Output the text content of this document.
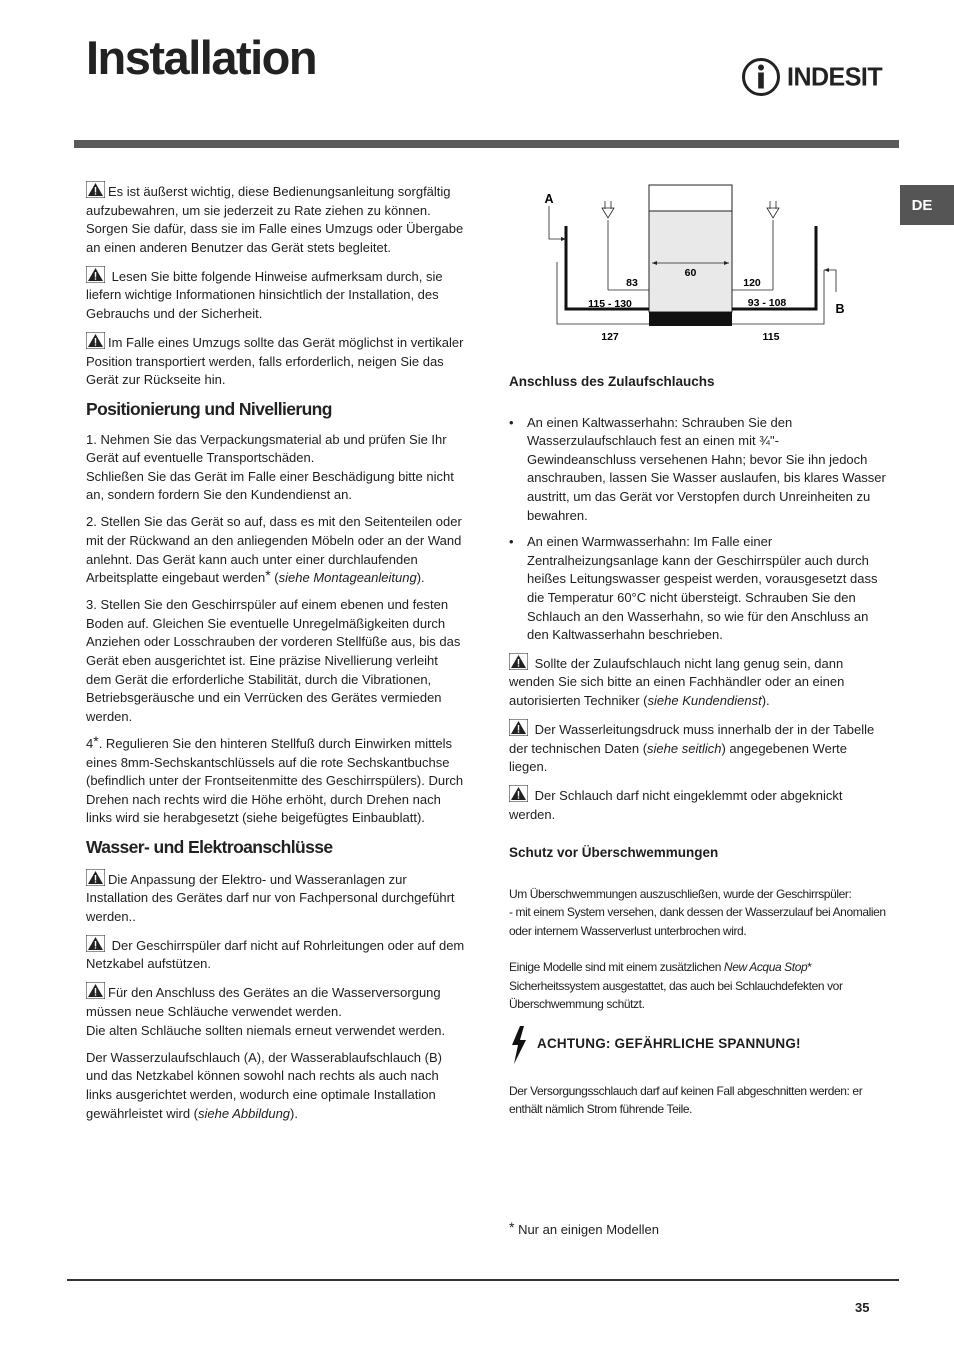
Installation	INDESIT
DE

Es ist äußerst wichtig, diese Bedienungsanleitung sorgfältig aufzubewahren, um sie jederzeit zu Rate ziehen zu können. Sorgen Sie dafür, dass sie im Falle eines Umzugs oder Übergabe an einen anderen Benutzer das Gerät stets begleitet.

Lesen Sie bitte folgende Hinweise aufmerksam durch, sie liefern wichtige Informationen hinsichtlich der Installation, des Gebrauchs und der Sicherheit.

Im Falle eines Umzugs sollte das Gerät möglichst in vertikaler Position transportiert werden, falls erforderlich, neigen Sie das Gerät zur Rückseite hin.

Positionierung und Nivellierung

1. Nehmen Sie das Verpackungsmaterial ab und prüfen Sie Ihr Gerät auf eventuelle Transportschäden.
Schließen Sie das Gerät im Falle einer Beschädigung bitte nicht an, sondern fordern Sie den Kundendienst an.

2. Stellen Sie das Gerät so auf, dass es mit den Seitenteilen oder mit der Rückwand an den anliegenden Möbeln oder an der Wand anlehnt. Das Gerät kann auch unter einer durchlaufenden Arbeitsplatte eingebaut werden* (siehe Montageanleitung).

3. Stellen Sie den Geschirrspüler auf einem ebenen und festen Boden auf. Gleichen Sie eventuelle Unregelmäßigkeiten durch Anziehen oder Losschrauben der vorderen Stellfüße aus, bis das Gerät eben ausgerichtet ist. Eine präzise Nivellierung verleiht dem Gerät die erforderliche Stabilität, durch die Vibrationen, Betriebsgeräusche und ein Verrücken des Gerätes vermieden werden.

4*. Regulieren Sie den hinteren Stellfuß durch Einwirken mittels eines 8mm-Sechskantschlüssels auf die rote Sechskantbuchse (befindlich unter der Frontseitenmitte des Geschirrspülers). Durch Drehen nach rechts wird die Höhe erhöht, durch Drehen nach links wird sie herabgesetzt (siehe beigefügtes Einbaublatt).

Wasser- und Elektroanschlüsse

Die Anpassung der Elektro- und Wasseranlagen zur Installation des Gerätes darf nur von Fachpersonal durchgeführt werden..

Der Geschirrspüler darf nicht auf Rohrleitungen oder auf dem Netzkabel aufstützen.

Für den Anschluss des Gerätes an die Wasserversorgung müssen neue Schläuche verwendet werden.
Die alten Schläuche sollten niemals erneut verwendet werden.

Der Wasserzulaufschlauch (A), der Wasserablaufschlauch (B) und das Netzkabel können sowohl nach rechts als auch nach links ausgerichtet werden, wodurch eine optimale Installation gewährleistet wird (siehe Abbildung).

60
A
83
115 - 130	B
120
93 - 108
127	115
Anschluss des Zulaufschlauchs
• An einen Kaltwasserhahn: Schrauben Sie den Wasserzulaufschlauch fest an einen mit ¾"-Gewindeanschluss versehenen Hahn; bevor Sie ihn jedoch anschrauben, lassen Sie Wasser auslaufen, bis klares Wasser austritt, um das Gerät vor Verstopfen durch Unreinheiten zu bewahren.
• An einen Warmwasserhahn: Im Falle einer Zentralheizungsanlage kann der Geschirrspüler auch durch heißes Leitungswasser gespeist werden, vorausgesetzt dass die Temperatur 60°C nicht übersteigt. Schrauben Sie den Schlauch an den Wasserhahn, so wie für den Anschluss an den Kaltwasserhahn beschrieben.

Sollte der Zulaufschlauch nicht lang genug sein, dann wenden Sie sich bitte an einen Fachhändler oder an einen autorisierten Techniker (siehe Kundendienst).

Der Wasserleitungsdruck muss innerhalb der in der Tabelle der technischen Daten (siehe seitlich) angegebenen Werte liegen.

Der Schlauch darf nicht eingeklemmt oder abgeknickt werden.

Schutz vor Überschwemmungen

Um Überschwemmungen auszuschließen, wurde der Geschirrspüler:
- mit einem System versehen, dank dessen der Wasserzulauf bei Anomalien oder internem Wasserverlust unterbrochen wird.

Einige Modelle sind mit einem zusätzlichen New Acqua Stop* Sicherheitssystem ausgestattet, das auch bei Schlauchdefekten vor Überschwemmung schützt.

ACHTUNG: GEFÄHRLICHE SPANNUNG!

Der Versorgungsschlauch darf auf keinen Fall abgeschnitten werden: er enthält nämlich Strom führende Teile.

* Nur an einigen Modellen
35
